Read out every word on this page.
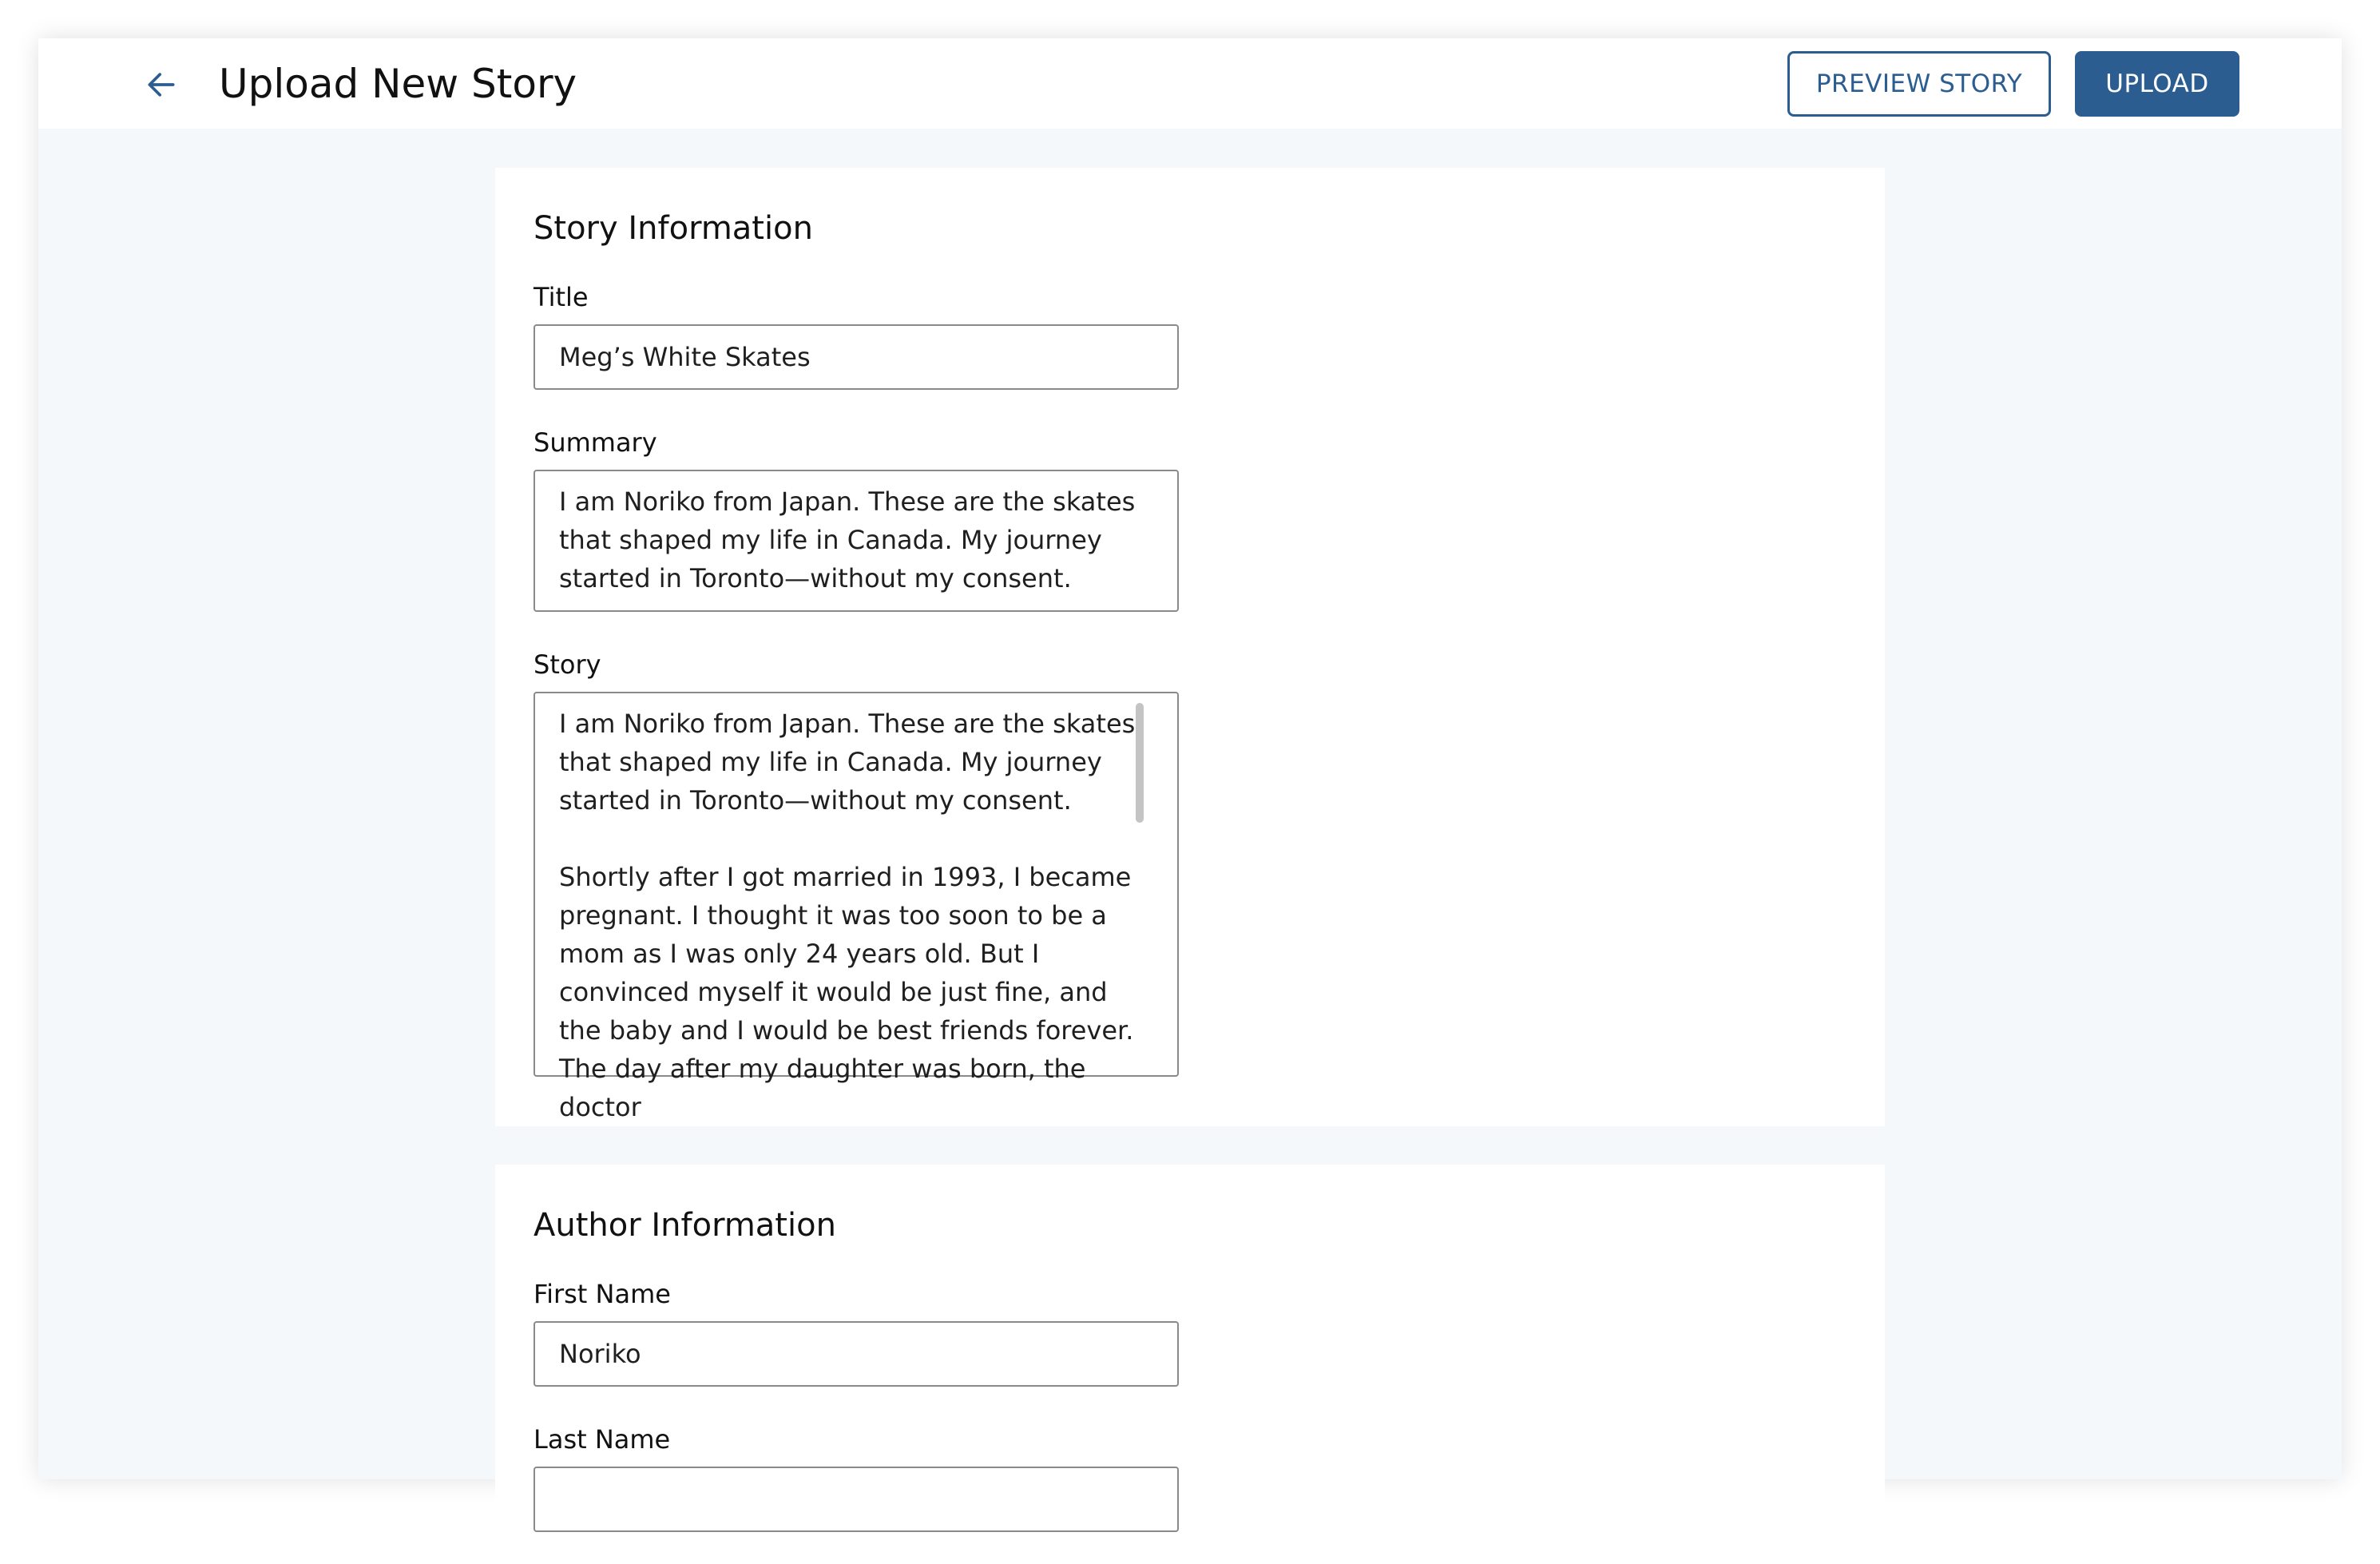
Upload New Story	PREVIEW STORY	UPLOAD
Story Information
Title
Meg’s White Skates
Summary
I am Noriko from Japan. These are the skates that shaped my life in Canada. My journey started in Toronto—without my consent.
Story
I am Noriko from Japan. These are the skates that shaped my life in Canada. My journey started in Toronto—without my consent.

Shortly after I got married in 1993, I became pregnant. I thought it was too soon to be a mom as I was only 24 years old. But I convinced myself it would be just fine, and the baby and I would be best friends forever. The day after my daughter was born, the doctor
Author Information
First Name
Noriko
Last Name
